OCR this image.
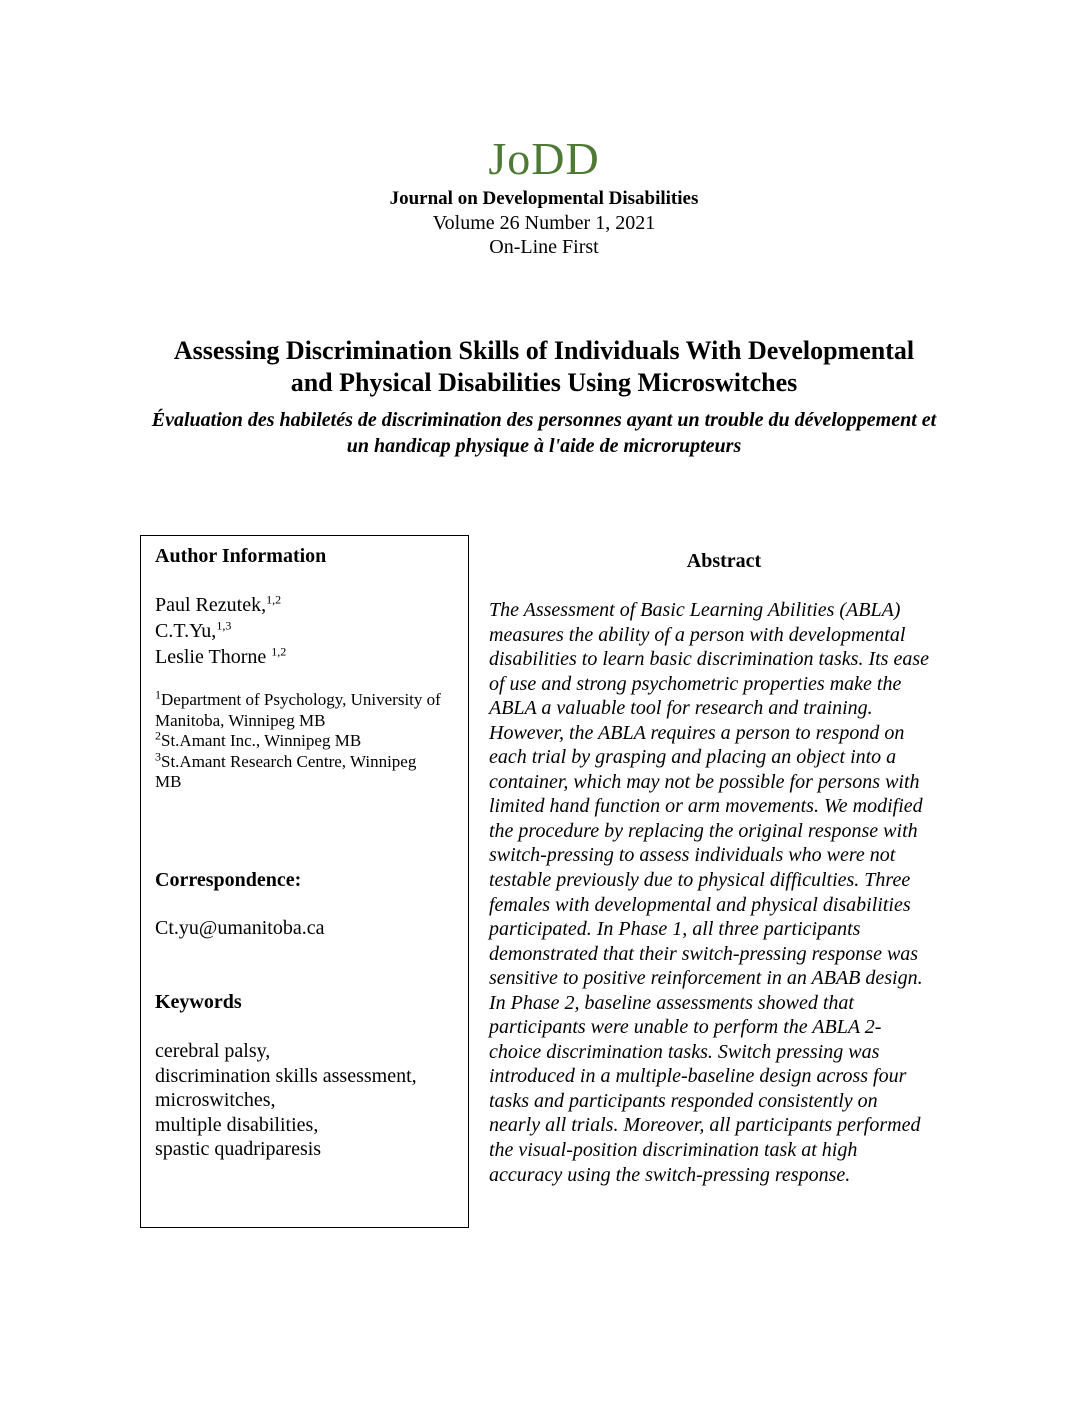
JoDD
Journal on Developmental Disabilities
Volume 26 Number 1, 2021
On-Line First
Assessing Discrimination Skills of Individuals With Developmental
and Physical Disabilities Using Microswitches
Évaluation des habiletés de discrimination des personnes ayant un trouble du développement et
un handicap physique à l'aide de microrupteurs
Author Information
Paul Rezutek,$^{1,2}$
C.T.Yu,$^{1,3}$
Leslie Thorne $^{1,2}$
$^1$Department of Psychology, University of
Manitoba, Winnipeg MB
$^2$St.Amant Inc., Winnipeg MB
$^3$St.Amant Research Centre, Winnipeg
MB
Correspondence:
Ct.yu@umanitoba.ca
Keywords
cerebral palsy,
discrimination skills assessment,
microswitches,
multiple disabilities,
spastic quadriparesis
Abstract
The Assessment of Basic Learning Abilities (ABLA)
measures the ability of a person with developmental
disabilities to learn basic discrimination tasks. Its ease
of use and strong psychometric properties make the
ABLA a valuable tool for research and training.
However, the ABLA requires a person to respond on
each trial by grasping and placing an object into a
container, which may not be possible for persons with
limited hand function or arm movements. We modified
the procedure by replacing the original response with
switch-pressing to assess individuals who were not
testable previously due to physical difficulties. Three
females with developmental and physical disabilities
participated. In Phase 1, all three participants
demonstrated that their switch-pressing response was
sensitive to positive reinforcement in an ABAB design.
In Phase 2, baseline assessments showed that
participants were unable to perform the ABLA 2-
choice discrimination tasks. Switch pressing was
introduced in a multiple-baseline design across four
tasks and participants responded consistently on
nearly all trials. Moreover, all participants performed
the visual-position discrimination task at high
accuracy using the switch-pressing response.
